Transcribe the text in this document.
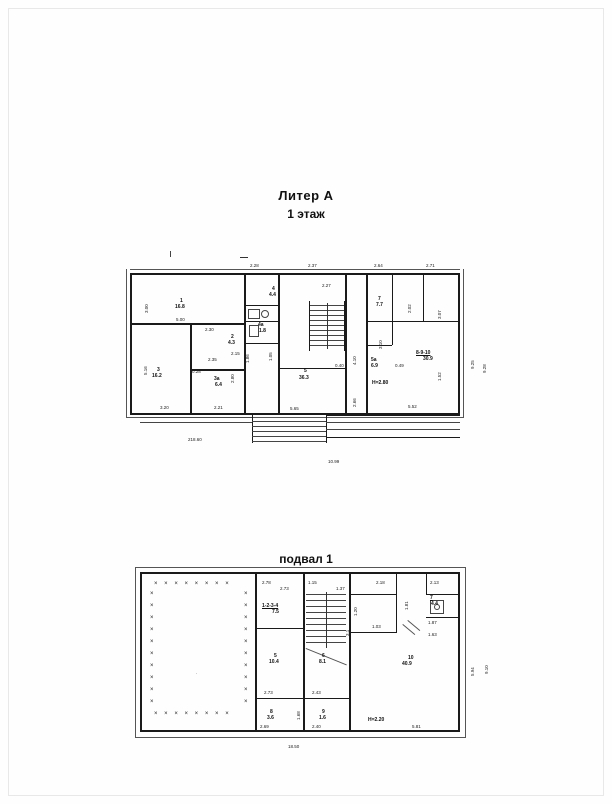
Литер А
1 этаж
подвал 1
1
16.8
2
4.3
3
16.2	3a
6.4
4
4.4
4a
1.8
5
36.3
5a
6.9
7
7.7
8-9-10
30.9
Н=2.80
2.28	2.37
2.27
2.64	2.71
3.00
5.00
2.30
2.15
2.35	1.86	1.05
2.02
3.07
5.16	0.28
0.40	0.49
2.80
4.10
3.10
2.66
3.20	2.21	5.65	5.52
9.25
1.52
218.60
10.99
9.28
× × × × × × × ×
×
×
×
×
×
×
×
×
×
×
×
×
×
×
×
×
×
×
×
×
× × × × × × × ×
·
1-2-3-4
7.5
5
10.4
6
8.1
7
4.4
8
3.6
9
1.6
10
40.9
Н=2.20
2.78
2.73
1.15
1.37
2.18	2.13
1.81
1.20
1.87
1.63
1.03
3.1
2.73	2.43
2.69	2.40	5.81
1.68
5.94 9.10
18.50
